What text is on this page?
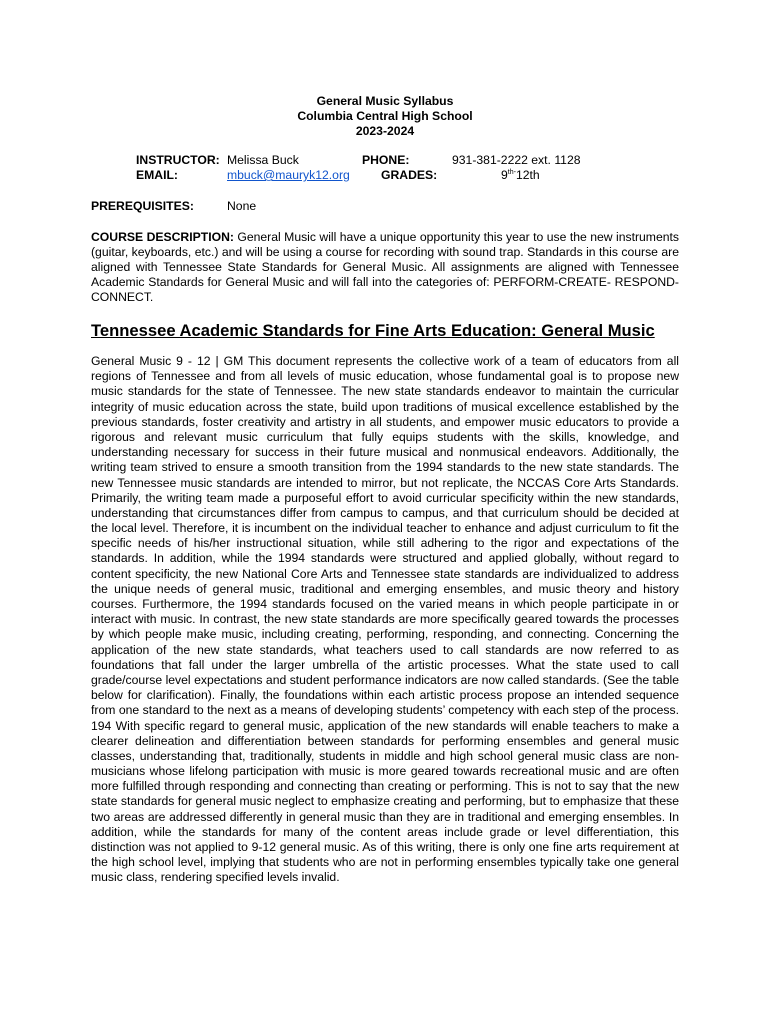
General Music Syllabus
Columbia Central High School
2023-2024
INSTRUCTOR: Melissa Buck	PHONE:	931-381-2222 ext. 1128
EMAIL:	mbuck@mauryk12.org	GRADES:	$9^{th-}12th$
PREREQUISITES:	None
COURSE DESCRIPTION: General Music will have a unique opportunity this year to use the new instruments (guitar, keyboards, etc.) and will be using a course for recording with sound trap. Standards in this course are aligned with Tennessee State Standards for General Music. All assignments are aligned with Tennessee Academic Standards for General Music and will fall into the categories of: PERFORM-CREATE- RESPOND- CONNECT.
Tennessee Academic Standards for Fine Arts Education: General Music
General Music 9 - 12 | GM This document represents the collective work of a team of educators from all regions of Tennessee and from all levels of music education, whose fundamental goal is to propose new music standards for the state of Tennessee. The new state standards endeavor to maintain the curricular integrity of music education across the state, build upon traditions of musical excellence established by the previous standards, foster creativity and artistry in all students, and empower music educators to provide a rigorous and relevant music curriculum that fully equips students with the skills, knowledge, and understanding necessary for success in their future musical and nonmusical endeavors. Additionally, the writing team strived to ensure a smooth transition from the 1994 standards to the new state standards. The new Tennessee music standards are intended to mirror, but not replicate, the NCCAS Core Arts Standards. Primarily, the writing team made a purposeful effort to avoid curricular specificity within the new standards, understanding that circumstances differ from campus to campus, and that curriculum should be decided at the local level. Therefore, it is incumbent on the individual teacher to enhance and adjust curriculum to fit the specific needs of his/her instructional situation, while still adhering to the rigor and expectations of the standards. In addition, while the 1994 standards were structured and applied globally, without regard to content specificity, the new National Core Arts and Tennessee state standards are individualized to address the unique needs of general music, traditional and emerging ensembles, and music theory and history courses. Furthermore, the 1994 standards focused on the varied means in which people participate in or interact with music. In contrast, the new state standards are more specifically geared towards the processes by which people make music, including creating, performing, responding, and connecting. Concerning the application of the new state standards, what teachers used to call standards are now referred to as foundations that fall under the larger umbrella of the artistic processes. What the state used to call grade/course level expectations and student performance indicators are now called standards. (See the table below for clarification). Finally, the foundations within each artistic process propose an intended sequence from one standard to the next as a means of developing students’ competency with each step of the process. 194 With specific regard to general music, application of the new standards will enable teachers to make a clearer delineation and differentiation between standards for performing ensembles and general music classes, understanding that, traditionally, students in middle and high school general music class are non-musicians whose lifelong participation with music is more geared towards recreational music and are often more fulfilled through responding and connecting than creating or performing. This is not to say that the new state standards for general music neglect to emphasize creating and performing, but to emphasize that these two areas are addressed differently in general music than they are in traditional and emerging ensembles. In addition, while the standards for many of the content areas include grade or level differentiation, this distinction was not applied to 9-12 general music. As of this writing, there is only one fine arts requirement at the high school level, implying that students who are not in performing ensembles typically take one general music class, rendering specified levels invalid.
